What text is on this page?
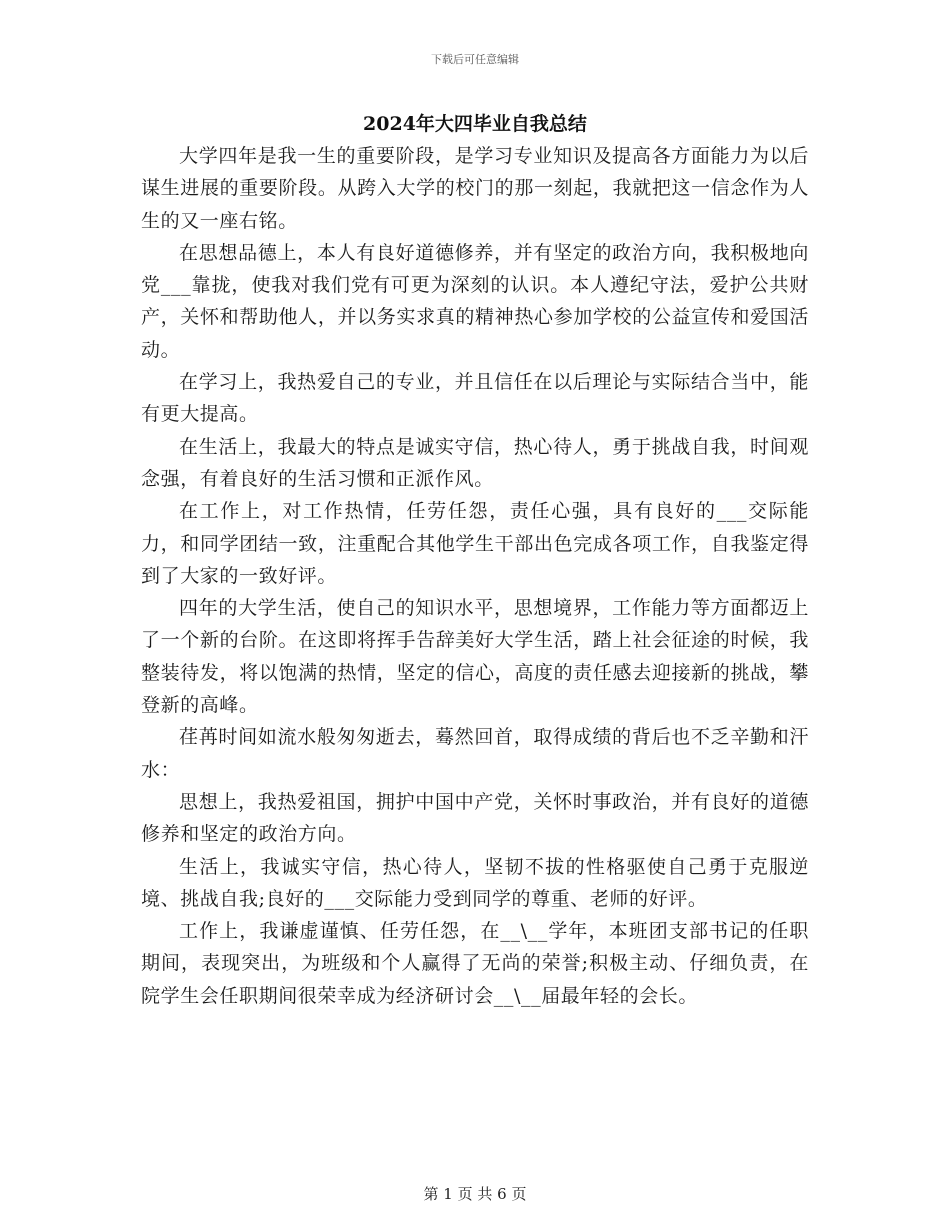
下载后可任意编辑
2024年大四毕业自我总结

大学四年是我一生的重要阶段，是学习专业知识及提高各方面能力为以后谋生进展的重要阶段。从跨入大学的校门的那一刻起，我就把这一信念作为人生的又一座右铭。

在思想品德上，本人有良好道德修养，并有坚定的政治方向，我积极地向党___靠拢，使我对我们党有可更为深刻的认识。本人遵纪守法，爱护公共财产，关怀和帮助他人，并以务实求真的精神热心参加学校的公益宣传和爱国活动。

在学习上，我热爱自己的专业，并且信任在以后理论与实际结合当中，能有更大提高。

在生活上，我最大的特点是诚实守信，热心待人，勇于挑战自我，时间观念强，有着良好的生活习惯和正派作风。

在工作上，对工作热情，任劳任怨，责任心强，具有良好的___交际能力，和同学团结一致，注重配合其他学生干部出色完成各项工作，自我鉴定得到了大家的一致好评。

四年的大学生活，使自己的知识水平，思想境界，工作能力等方面都迈上了一个新的台阶。在这即将挥手告辞美好大学生活，踏上社会征途的时候，我整装待发，将以饱满的热情，坚定的信心，高度的责任感去迎接新的挑战，攀登新的高峰。

荏苒时间如流水般匆匆逝去，蓦然回首，取得成绩的背后也不乏辛勤和汗水：

思想上，我热爱祖国，拥护中国中产党，关怀时事政治，并有良好的道德修养和坚定的政治方向。

生活上，我诚实守信，热心待人，坚韧不拔的性格驱使自己勇于克服逆境、挑战自我;良好的___交际能力受到同学的尊重、老师的好评。

工作上，我谦虚谨慎、任劳任怨，在__\__学年，本班团支部书记的任职期间，表现突出，为班级和个人赢得了无尚的荣誉;积极主动、仔细负责，在院学生会任职期间很荣幸成为经济研讨会__\__届最年轻的会长。

第 1 页 共 6 页
